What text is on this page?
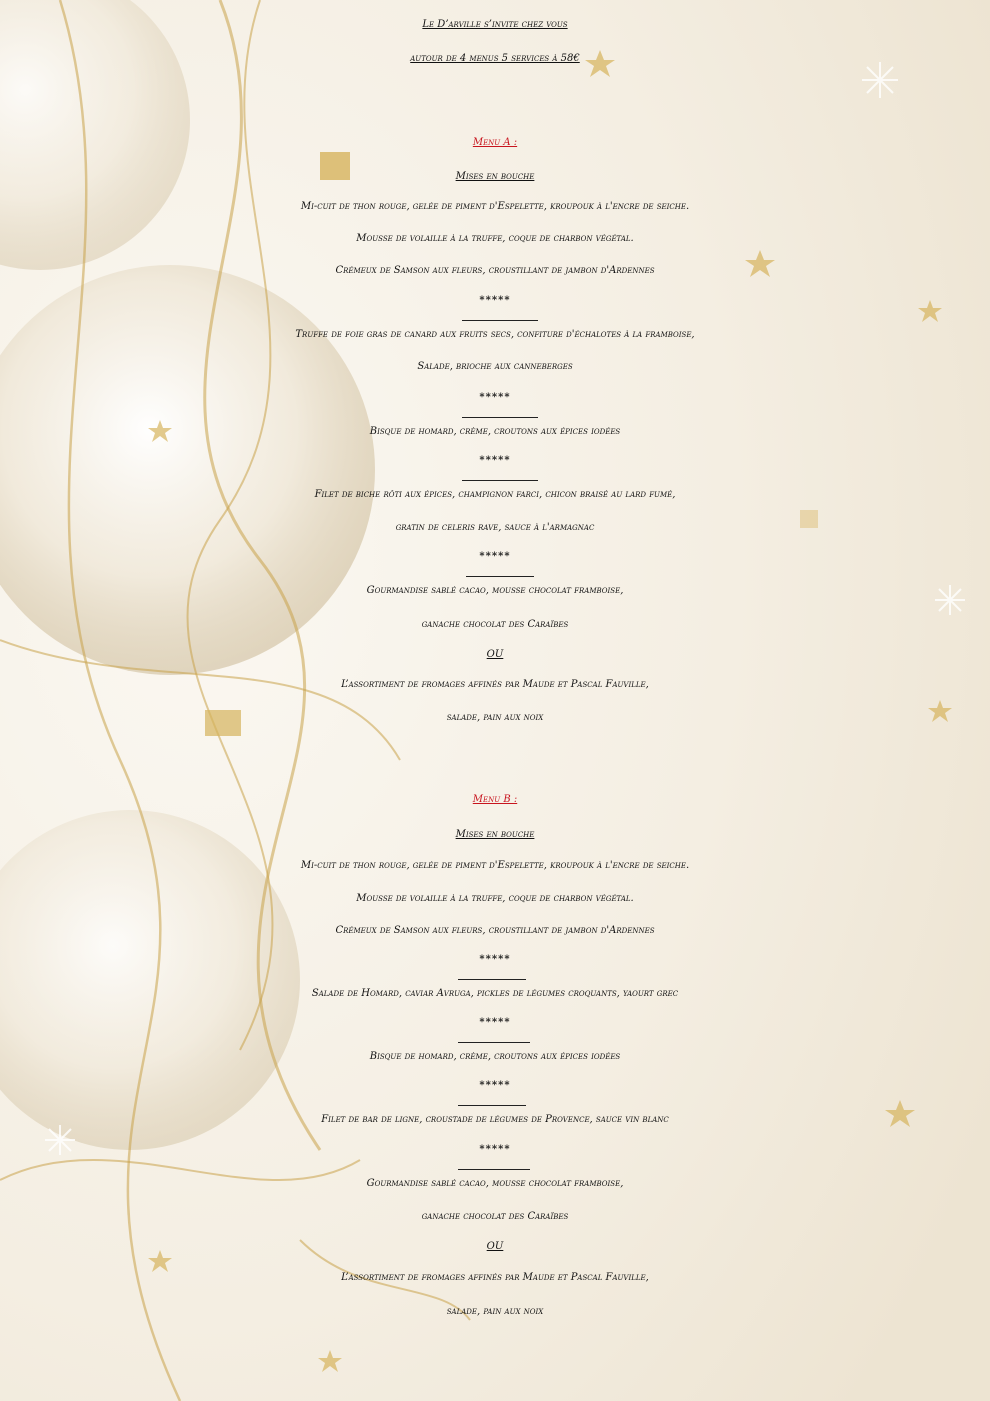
Le D’arville s’invite chez vous
autour de 4 menus 5 services à 58€
Menu A :
Mises en bouche
Mi-cuit de thon rouge, gelée de piment d'Espelette, kroupouk à l'encre de seiche.
Mousse de volaille à la truffe, coque de charbon végétal.
Crémeux de Samson aux fleurs, croustillant de jambon d'Ardennes
*****
Truffe de foie gras de canard aux fruits secs, confiture d'échalotes à la framboise,
Salade, brioche aux canneberges
*****
Bisque de homard, crème, croutons aux épices iodées
*****
Filet de biche rôti aux épices, champignon farci, chicon braisé au lard fumé,
gratin de celeris rave, sauce à l'armagnac
*****
Gourmandise sablé cacao, mousse chocolat framboise,
ganache chocolat des Caraïbes
OU
L’assortiment de fromages affinés par Maude et Pascal Fauville,
salade, pain aux noix
Menu B :
Mises en bouche
Mi-cuit de thon rouge, gelée de piment d'Espelette, kroupouk à l'encre de seiche.
Mousse de volaille à la truffe, coque de charbon végétal.
Crémeux de Samson aux fleurs, croustillant de jambon d'Ardennes
*****
Salade de Homard, caviar Avruga, pickles de légumes croquants, yaourt grec
*****
Bisque de homard, crème, croutons aux épices iodées
*****
Filet de bar de ligne, croustade de légumes de Provence, sauce vin blanc
*****
Gourmandise sablé cacao, mousse chocolat framboise,
ganache chocolat des Caraïbes
OU
L’assortiment de fromages affinés par Maude et Pascal Fauville,
salade, pain aux noix
